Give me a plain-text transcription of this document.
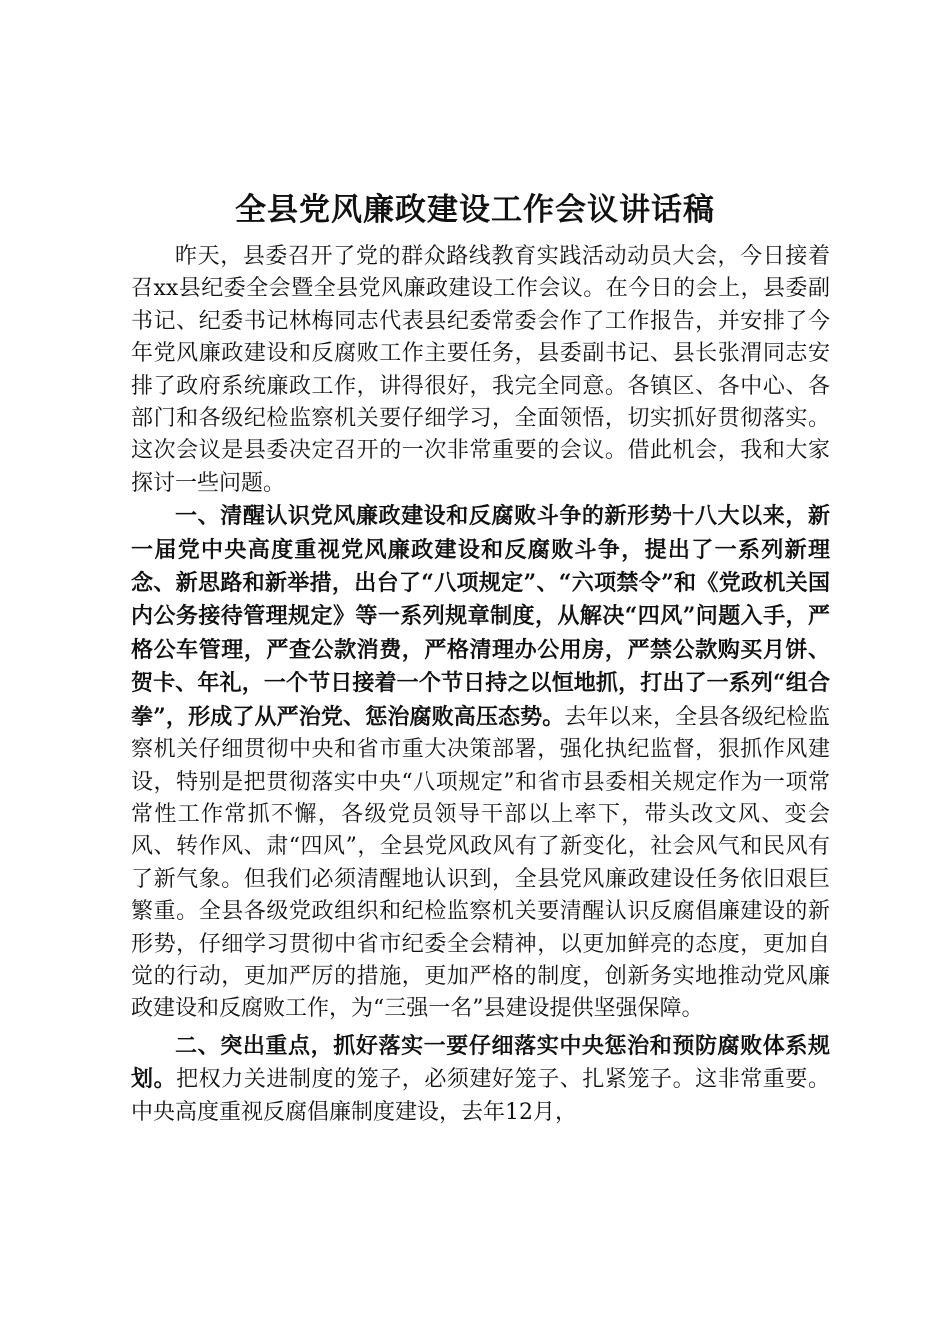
全县党风廉政建设工作会议讲话稿

昨天，县委召开了党的群众路线教育实践活动动员大会，今日接着召xx县纪委全会暨全县党风廉政建设工作会议。在今日的会上，县委副书记、纪委书记林梅同志代表县纪委常委会作了工作报告，并安排了今年党风廉政建设和反腐败工作主要任务，县委副书记、县长张渭同志安排了政府系统廉政工作，讲得很好，我完全同意。各镇区、各中心、各部门和各级纪检监察机关要仔细学习，全面领悟，切实抓好贯彻落实。这次会议是县委决定召开的一次非常重要的会议。借此机会，我和大家探讨一些问题。

一、清醒认识党风廉政建设和反腐败斗争的新形势十八大以来，新一届党中央高度重视党风廉政建设和反腐败斗争，提出了一系列新理念、新思路和新举措，出台了“八项规定”、“六项禁令”和《党政机关国内公务接待管理规定》等一系列规章制度，从解决“四风”问题入手，严格公车管理，严查公款消费，严格清理办公用房，严禁公款购买月饼、贺卡、年礼，一个节日接着一个节日持之以恒地抓，打出了一系列“组合拳”，形成了从严治党、惩治腐败高压态势。去年以来，全县各级纪检监察机关仔细贯彻中央和省市重大决策部署，强化执纪监督，狠抓作风建设，特别是把贯彻落实中央“八项规定”和省市县委相关规定作为一项常常性工作常抓不懈，各级党员领导干部以上率下，带头改文风、变会风、转作风、肃“四风”，全县党风政风有了新变化，社会风气和民风有了新气象。但我们必须清醒地认识到，全县党风廉政建设任务依旧艰巨繁重。全县各级党政组织和纪检监察机关要清醒认识反腐倡廉建设的新形势，仔细学习贯彻中省市纪委全会精神，以更加鲜亮的态度，更加自觉的行动，更加严厉的措施，更加严格的制度，创新务实地推动党风廉政建设和反腐败工作，为“三强一名”县建设提供坚强保障。

二、突出重点，抓好落实一要仔细落实中央惩治和预防腐败体系规划。把权力关进制度的笼子，必须建好笼子、扎紧笼子。这非常重要。中央高度重视反腐倡廉制度建设，去年12月，
